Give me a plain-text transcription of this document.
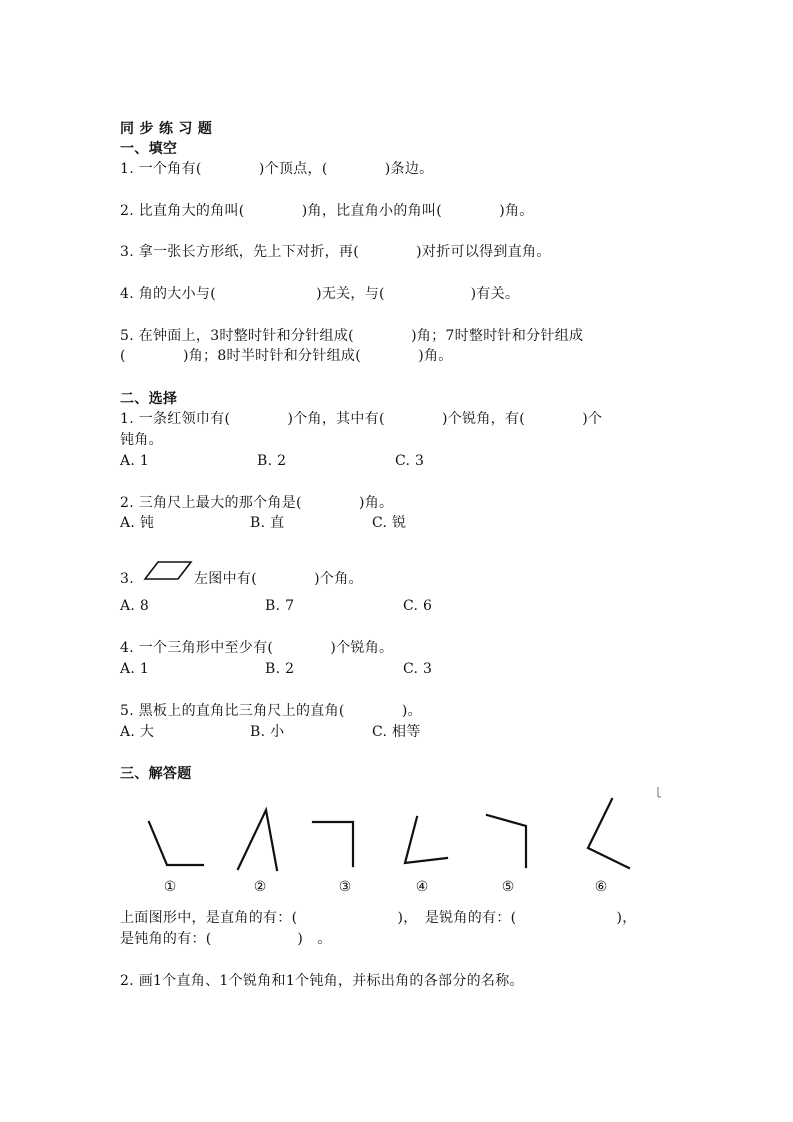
同 步 练 习 题
一、填空
1. 一个角有(　　　　)个顶点，(　　　　)条边。
2. 比直角大的角叫(　　　　)角，比直角小的角叫(　　　　)角。
3. 拿一张长方形纸，先上下对折，再(　　　　)对折可以得到直角。
4. 角的大小与(　　　　　　　)无关，与(　　　　　　)有关。
5. 在钟面上，3时整时针和分针组成(　　　　)角；7时整时针和分针组成
(　　　　)角；8时半时针和分针组成(　　　　)角。
二、选择
1. 一条红领巾有(　　　　)个角，其中有(　　　　)个锐角，有(　　　　)个
钝角。
A. 1	B. 2	C. 3
2. 三角尺上最大的那个角是(　　　　)角。
A. 钝	B. 直	C. 锐
3.	左图中有(　　　　)个角。
A. 8	B. 7	C. 6
4. 一个三角形中至少有(　　　　)个锐角。
A. 1	B. 2	C. 3
5. 黑板上的直角比三角尺上的直角(　　　　)。
A. 大	B. 小	C. 相等
三、解答题
①	②	③	④	⑤	⑥
上面图形中，是直角的有：(　　　　　　　)，　是锐角的有：(　　　　　　　)，
是钝角的有：(　　　　　　)　。
2. 画1个直角、1个锐角和1个钝角，并标出角的各部分的名称。
